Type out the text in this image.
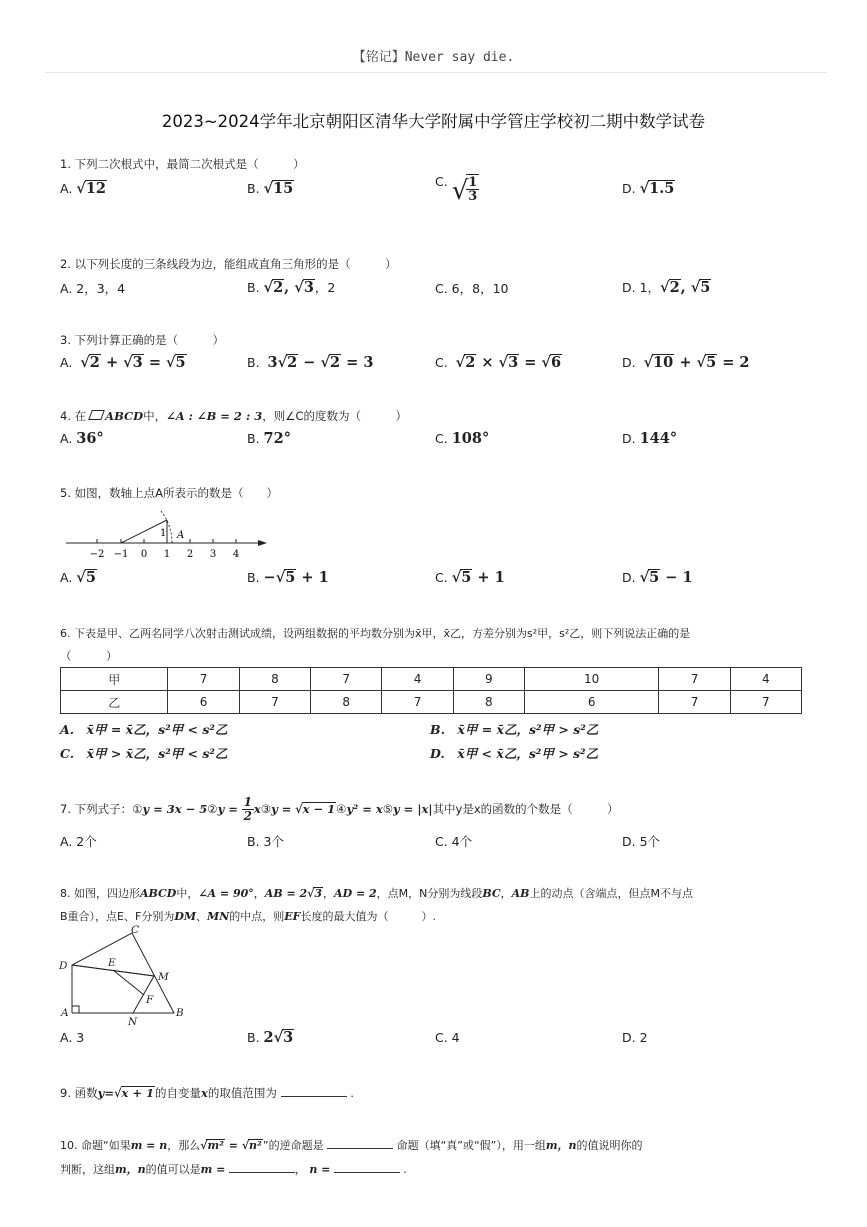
【铭记】Never say die.
2023~2024学年北京朝阳区清华大学附属中学管庄学校初二期中数学试卷
1. 下列二次根式中，最简二次根式是（　　　）
A. √12	B. √15	C. √
$\frac{1}{3}$	D. √1.5
2. 以下列长度的三条线段为边，能组成直角三角形的是（　　　）
A. 2，3，4	B. √2, √3，2	C. 6，8，10	D. 1，√2, √5
3. 下列计算正确的是（　　　）
A. √2 + √3 = √5	B. 3√2 − √2 = 3	C. √2 × √3 = √6	D. √10 + √5 = 2
4. 在 ABCD中，∠A : ∠B = 2 : 3，则∠C的度数为（　　　）
A. 36°	B. 72°	C. 108°	D. 144°
5. 如图，数轴上点A所表示的数是（　　）
1 A
−2 −1 0 1 2 3 4
A. √5	B. −√5 + 1	C. √5 + 1	D. √5 − 1
6. 下表是甲、乙两名同学八次射击测试成绩，设两组数据的平均数分别为x̄甲，x̄乙，方差分别为s²甲，s²乙，则下列说法正确的是
（　　　）
甲	7	8	7	4	9	10	7	4
乙	6	7	8	7	8	6	7	7
A.　x̄甲 = x̄乙，s²甲 < s²乙	B.　x̄甲 = x̄乙，s²甲 > s²乙
C.　x̄甲 > x̄乙，s²甲 < s²乙	D.　x̄甲 < x̄乙，s²甲 > s²乙
7. 下列式子：①y = 3x − 5②y = $\frac{1}{2}$ x③y = √x − 1④y² = x⑤y = |x|其中y是x的函数的个数是（　　　）
A. 2个	B. 3个	C. 4个	D. 5个
8. 如图，四边形ABCD中，∠A = 90°，AB = 2√3，AD = 2，点M，N分别为线段BC，AB上的动点（含端点，但点M不与点
B重合），点E、F分别为DM、MN的中点，则EF长度的最大值为（　　　）.
C
D	E
M
F
A
N
B
A. 3	B. 2√3	C. 4	D. 2
9. 函数y=√x + 1的自变量x的取值范围为	.
10. 命题“如果m = n，那么√m² = √n²”的逆命题是	命题（填“真”或“假”），用一组m，n的值说明你的
判断，这组m，n的值可以是m =	， n =	.
